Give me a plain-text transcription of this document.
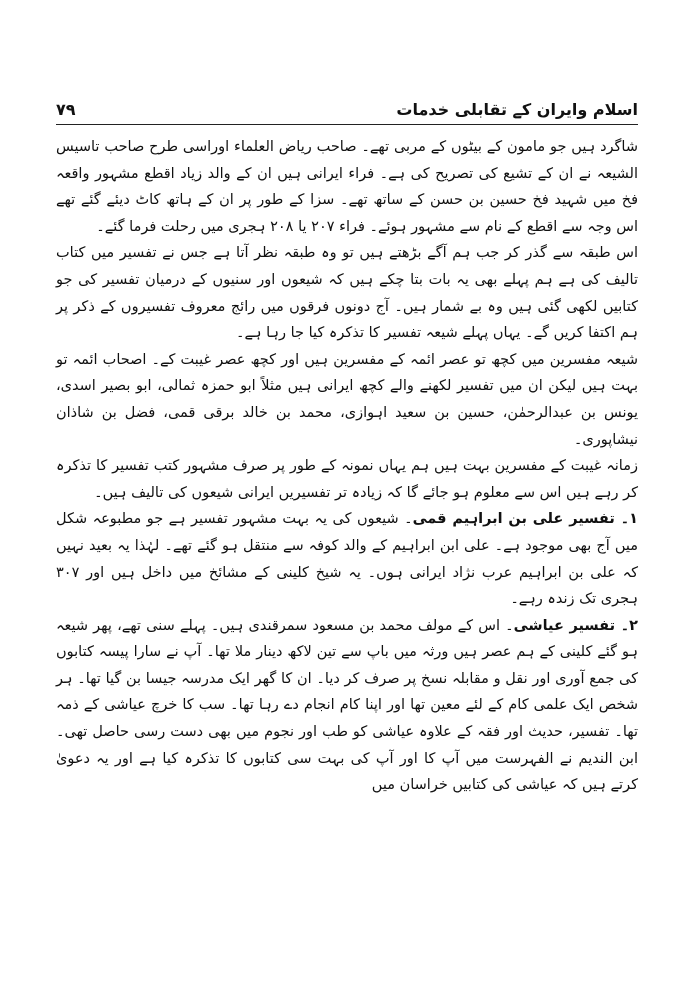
اسلام وایران کے تقابلی خدمات
۷۹

شاگرد ہیں جو مامون کے بیٹوں کے مربی تھے۔ صاحب ریاض العلماء اوراسی طرح صاحب تاسیس الشیعہ نے ان کے تشیع کی تصریح کی ہے۔ فراء ایرانی ہیں ان کے والد زیاد اقطع مشہور واقعہ فخ میں شہید فخ حسین بن حسن کے ساتھ تھے۔ سزا کے طور پر ان کے ہاتھ کاٹ دیئے گئے تھے اس وجہ سے اقطع کے نام سے مشہور ہوئے۔ فراء ۲۰۷ یا ۲۰۸ ہجری میں رحلت فرما گئے۔

اس طبقہ سے گذر کر جب ہم آگے بڑھتے ہیں تو وہ طبقہ نظر آتا ہے جس نے تفسیر میں کتاب تالیف کی ہے ہم پہلے بھی یہ بات بتا چکے ہیں کہ شیعوں اور سنیوں کے درمیان تفسیر کی جو کتابیں لکھی گئی ہیں وہ بے شمار ہیں۔ آج دونوں فرقوں میں رائج معروف تفسیروں کے ذکر پر ہم اکتفا کریں گے۔ یہاں پہلے شیعہ تفسیر کا تذکرہ کیا جا رہا ہے۔

شیعہ مفسرین میں کچھ تو عصر ائمہ کے مفسرین ہیں اور کچھ عصر غیبت کے۔ اصحاب ائمہ تو بہت ہیں لیکن ان میں تفسیر لکھنے والے کچھ ایرانی ہیں مثلاً ابو حمزہ ثمالی، ابو بصیر اسدی، یونس بن عبدالرحمٰن، حسین بن سعید اہوازی، محمد بن خالد برقی قمی، فضل بن شاذان نیشاپوری۔

زمانہ غیبت کے مفسرین بہت ہیں ہم یہاں نمونہ کے طور پر صرف مشہور کتب تفسیر کا تذکرہ کر رہے ہیں اس سے معلوم ہو جائے گا کہ زیادہ تر تفسیریں ایرانی شیعوں کی تالیف ہیں۔

۱۔ تفسیر علی بن ابراہیم قمی۔ شیعوں کی یہ بہت مشہور تفسیر ہے جو مطبوعہ شکل میں آج بھی موجود ہے۔ علی ابن ابراہیم کے والد کوفہ سے منتقل ہو گئے تھے۔ لہٰذا یہ بعید نہیں کہ علی بن ابراہیم عرب نژاد ایرانی ہوں۔ یہ شیخ کلینی کے مشائخ میں داخل ہیں اور ۳۰۷ ہجری تک زندہ رہے۔

۲۔ تفسیر عیاشی۔ اس کے مولف محمد بن مسعود سمرقندی ہیں۔ پہلے سنی تھے، پھر شیعہ ہو گئے کلینی کے ہم عصر ہیں ورثہ میں باپ سے تین لاکھ دینار ملا تھا۔ آپ نے سارا پیسہ کتابوں کی جمع آوری اور نقل و مقابلہ نسخ پر صرف کر دیا۔ ان کا گھر ایک مدرسہ جیسا بن گیا تھا۔ ہر شخص ایک علمی کام کے لئے معین تھا اور اپنا کام انجام دے رہا تھا۔ سب کا خرچ عیاشی کے ذمہ تھا۔ تفسیر، حدیث اور فقہ کے علاوہ عیاشی کو طب اور نجوم میں بھی دست رسی حاصل تھی۔ ابن الندیم نے الفہرست میں آپ کا اور آپ کی بہت سی کتابوں کا تذکرہ کیا ہے اور یہ دعویٰ کرتے ہیں کہ عیاشی کی کتابیں خراسان میں
